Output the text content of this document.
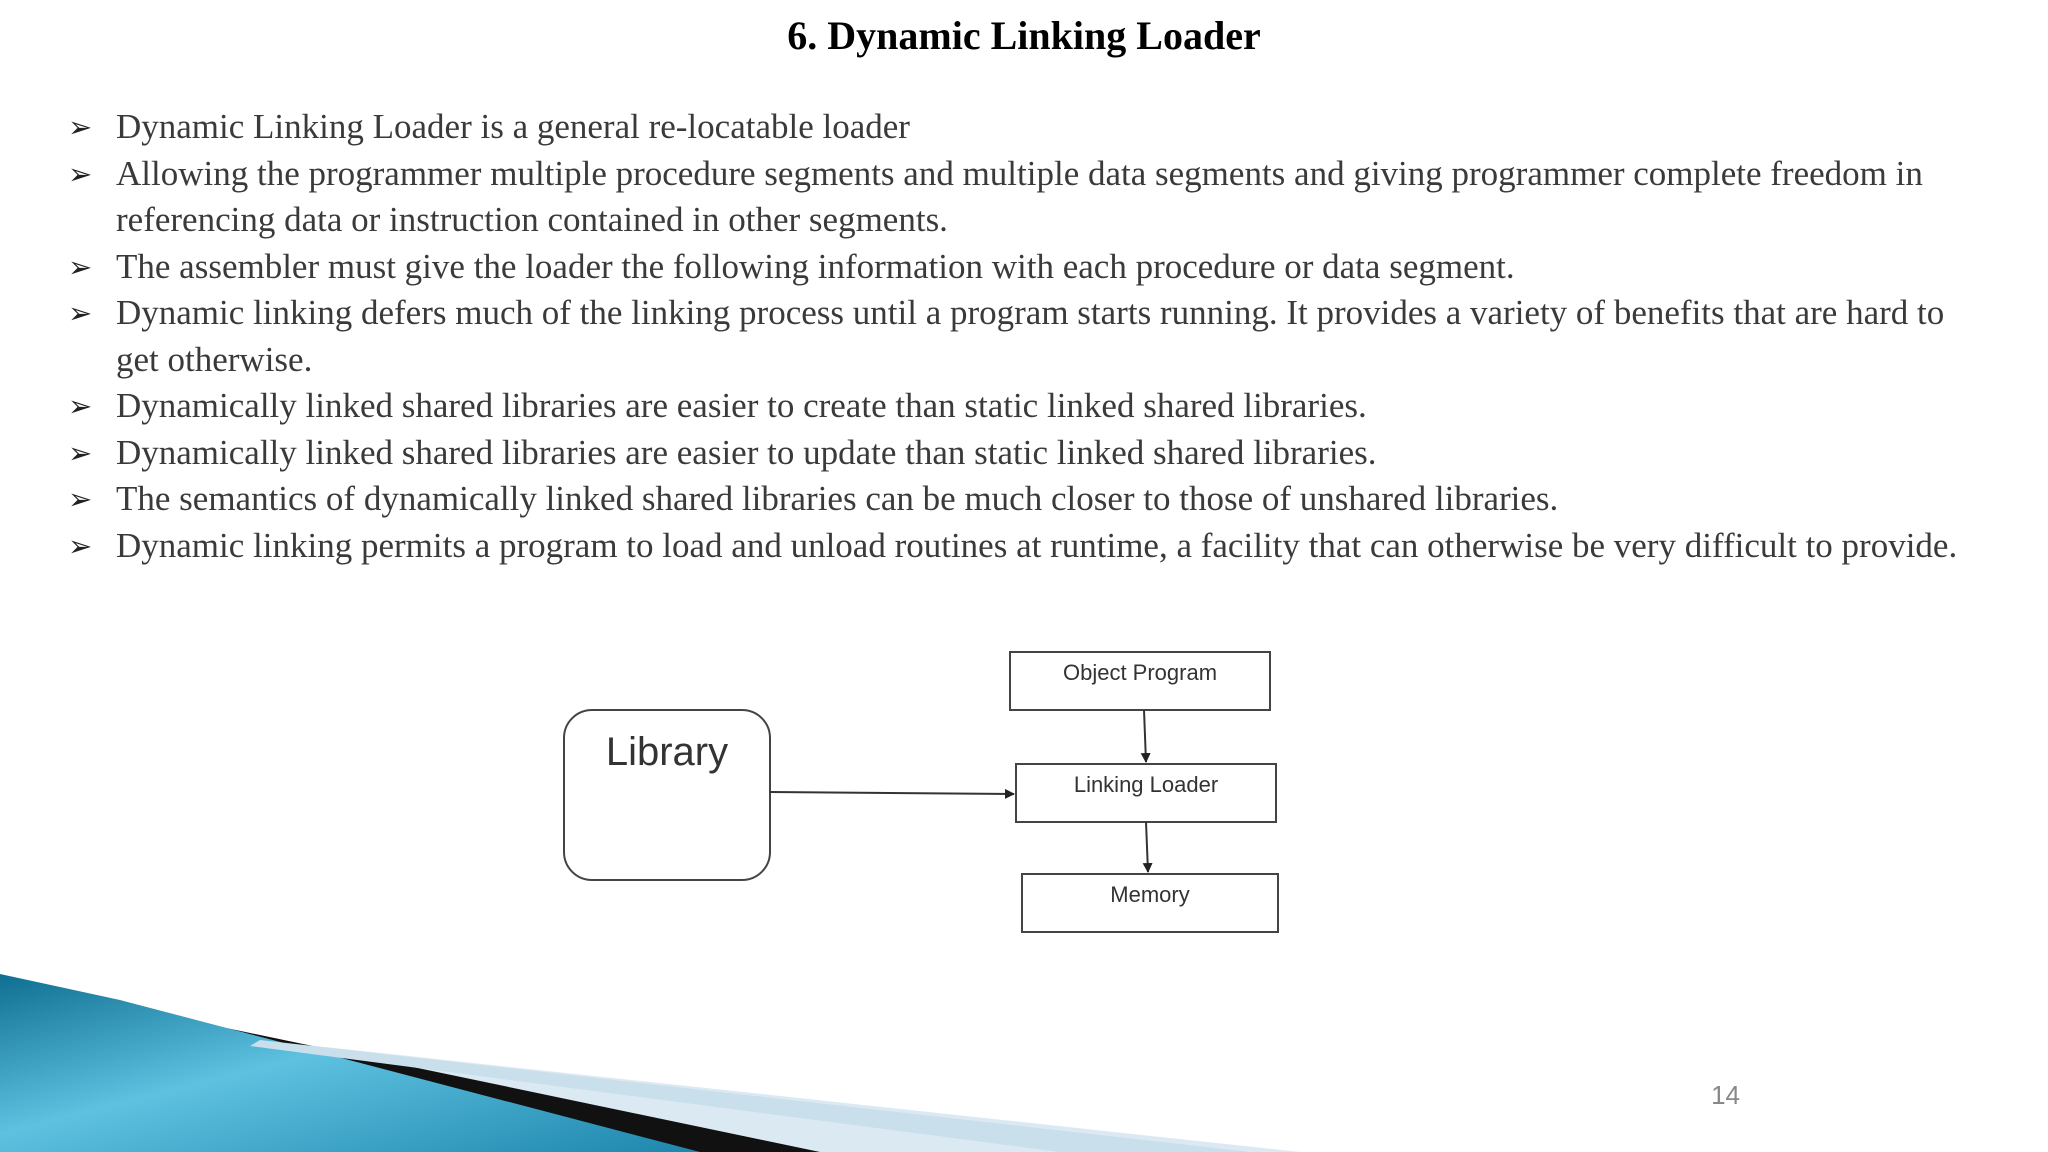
6. Dynamic Linking Loader
➢ Dynamic Linking Loader is a general re-locatable loader
➢ Allowing the programmer multiple procedure segments and multiple data segments and giving programmer complete freedom in referencing data or instruction contained in other segments.
➢ The assembler must give the loader the following information with each procedure or data segment.
➢ Dynamic linking defers much of the linking process until a program starts running. It provides a variety of benefits that are hard to get otherwise.
➢ Dynamically linked shared libraries are easier to create than static linked shared libraries.
➢ Dynamically linked shared libraries are easier to update than static linked shared libraries.
➢ The semantics of dynamically linked shared libraries can be much closer to those of unshared libraries.
➢ Dynamic linking permits a program to load and unload routines at runtime, a facility that can otherwise be very difficult to provide.
Library
Object Program
Linking Loader
Memory
14
